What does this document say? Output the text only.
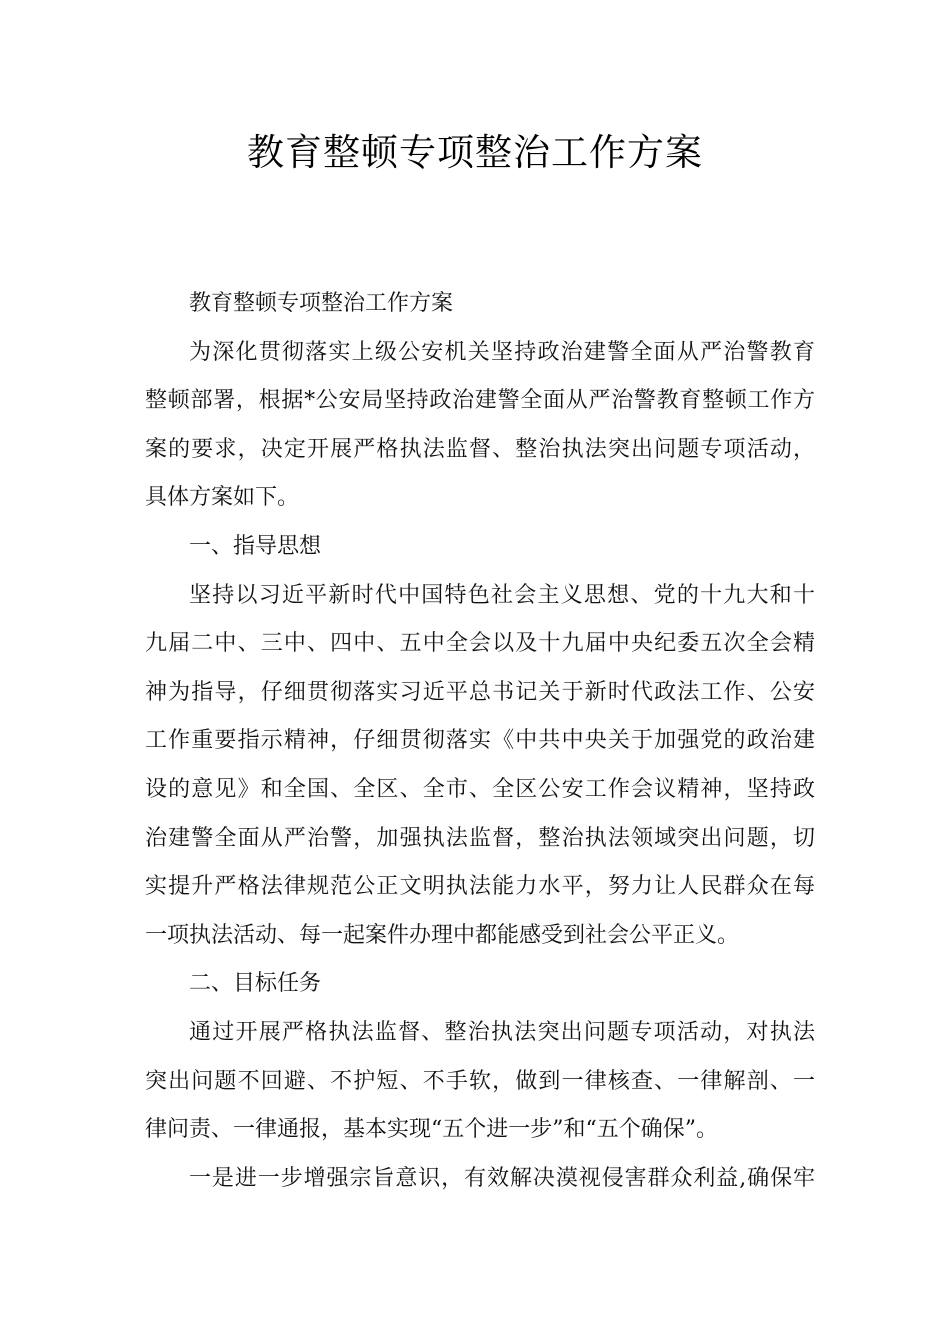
教育整顿专项整治工作方案
教育整顿专项整治工作方案
为深化贯彻落实上级公安机关坚持政治建警全面从严治警教育
整顿部署，根据*公安局坚持政治建警全面从严治警教育整顿工作方
案的要求，决定开展严格执法监督、整治执法突出问题专项活动，
具体方案如下。
一、指导思想
坚持以习近平新时代中国特色社会主义思想、党的十九大和十
九届二中、三中、四中、五中全会以及十九届中央纪委五次全会精
神为指导，仔细贯彻落实习近平总书记关于新时代政法工作、公安
工作重要指示精神，仔细贯彻落实《中共中央关于加强党的政治建
设的意见》和全国、全区、全市、全区公安工作会议精神，坚持政
治建警全面从严治警，加强执法监督，整治执法领域突出问题，切
实提升严格法律规范公正文明执法能力水平，努力让人民群众在每
一项执法活动、每一起案件办理中都能感受到社会公平正义。
二、目标任务
通过开展严格执法监督、整治执法突出问题专项活动，对执法
突出问题不回避、不护短、不手软，做到一律核查、一律解剖、一
律问责、一律通报，基本实现“五个进一步”和“五个确保”。
一是进一步增强宗旨意识，有效解决漠视侵害群众利益,确保牢
